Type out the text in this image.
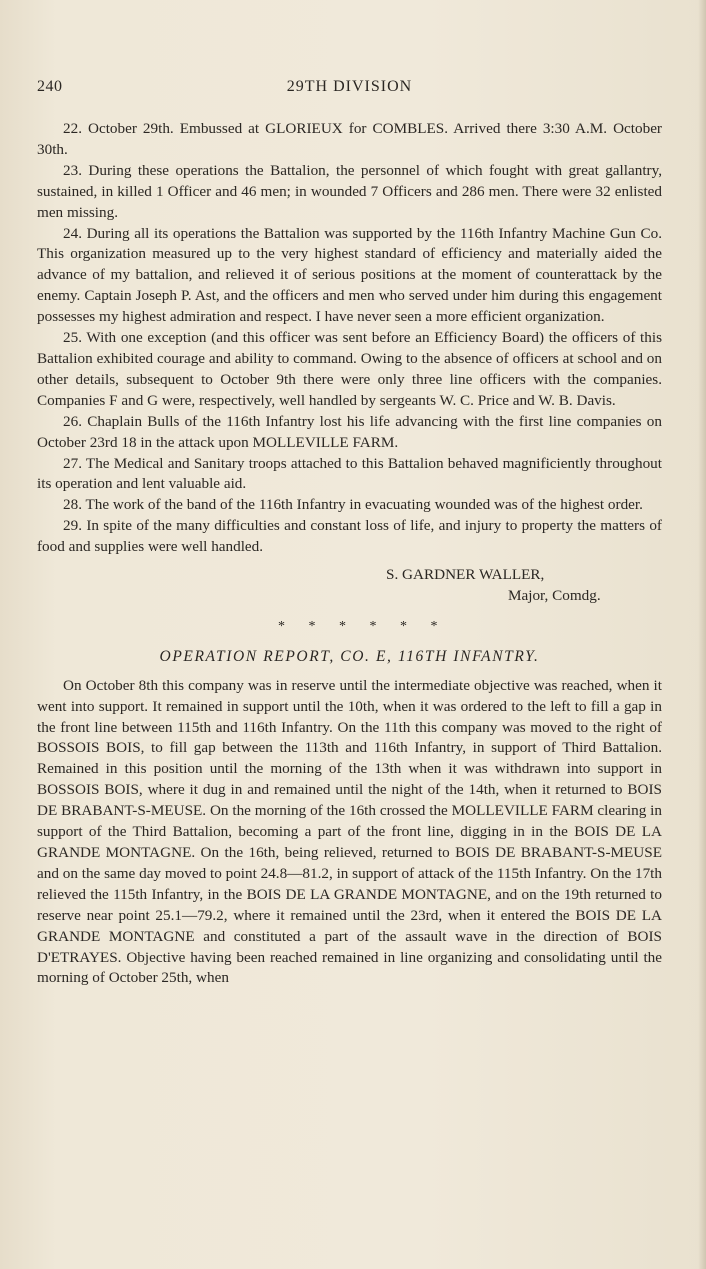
240	29TH DIVISION

22. October 29th. Embussed at GLORIEUX for COMBLES. Arrived there 3:30 A.M. October 30th.

23. During these operations the Battalion, the personnel of which fought with great gallantry, sustained, in killed 1 Officer and 46 men; in wounded 7 Officers and 286 men. There were 32 enlisted men missing.

24. During all its operations the Battalion was supported by the 116th Infantry Machine Gun Co. This organization measured up to the very highest standard of efficiency and materially aided the advance of my battalion, and relieved it of serious positions at the moment of counterattack by the enemy. Captain Joseph P. Ast, and the officers and men who served under him during this engagement possesses my highest admiration and respect. I have never seen a more efficient organization.

25. With one exception (and this officer was sent before an Efficiency Board) the officers of this Battalion exhibited courage and ability to command. Owing to the absence of officers at school and on other details, subsequent to October 9th there were only three line officers with the companies. Companies F and G were, respectively, well handled by sergeants W. C. Price and W. B. Davis.

26. Chaplain Bulls of the 116th Infantry lost his life advancing with the first line companies on October 23rd 18 in the attack upon MOLLEVILLE FARM.

27. The Medical and Sanitary troops attached to this Battalion behaved magnificiently throughout its operation and lent valuable aid.

28. The work of the band of the 116th Infantry in evacuating wounded was of the highest order.

29. In spite of the many difficulties and constant loss of life, and injury to property the matters of food and supplies were well handled.

S. GARDNER WALLER,
Major, Comdg.
* * * * * *
OPERATION REPORT, CO. E, 116TH INFANTRY.

On October 8th this company was in reserve until the intermediate objective was reached, when it went into support. It remained in support until the 10th, when it was ordered to the left to fill a gap in the front line between 115th and 116th Infantry. On the 11th this company was moved to the right of BOSSOIS BOIS, to fill gap between the 113th and 116th Infantry, in support of Third Battalion. Remained in this position until the morning of the 13th when it was withdrawn into support in BOSSOIS BOIS, where it dug in and remained until the night of the 14th, when it returned to BOIS DE BRABANT-S-MEUSE. On the morning of the 16th crossed the MOLLEVILLE FARM clearing in support of the Third Battalion, becoming a part of the front line, digging in in the BOIS DE LA GRANDE MONTAGNE. On the 16th, being relieved, returned to BOIS DE BRABANT-S-MEUSE and on the same day moved to point 24.8—81.2, in support of attack of the 115th Infantry. On the 17th relieved the 115th Infantry, in the BOIS DE LA GRANDE MONTAGNE, and on the 19th returned to reserve near point 25.1—79.2, where it remained until the 23rd, when it entered the BOIS DE LA GRANDE MONTAGNE and constituted a part of the assault wave in the direction of BOIS D'ETRAYES. Objective having been reached remained in line organizing and consolidating until the morning of October 25th, when
